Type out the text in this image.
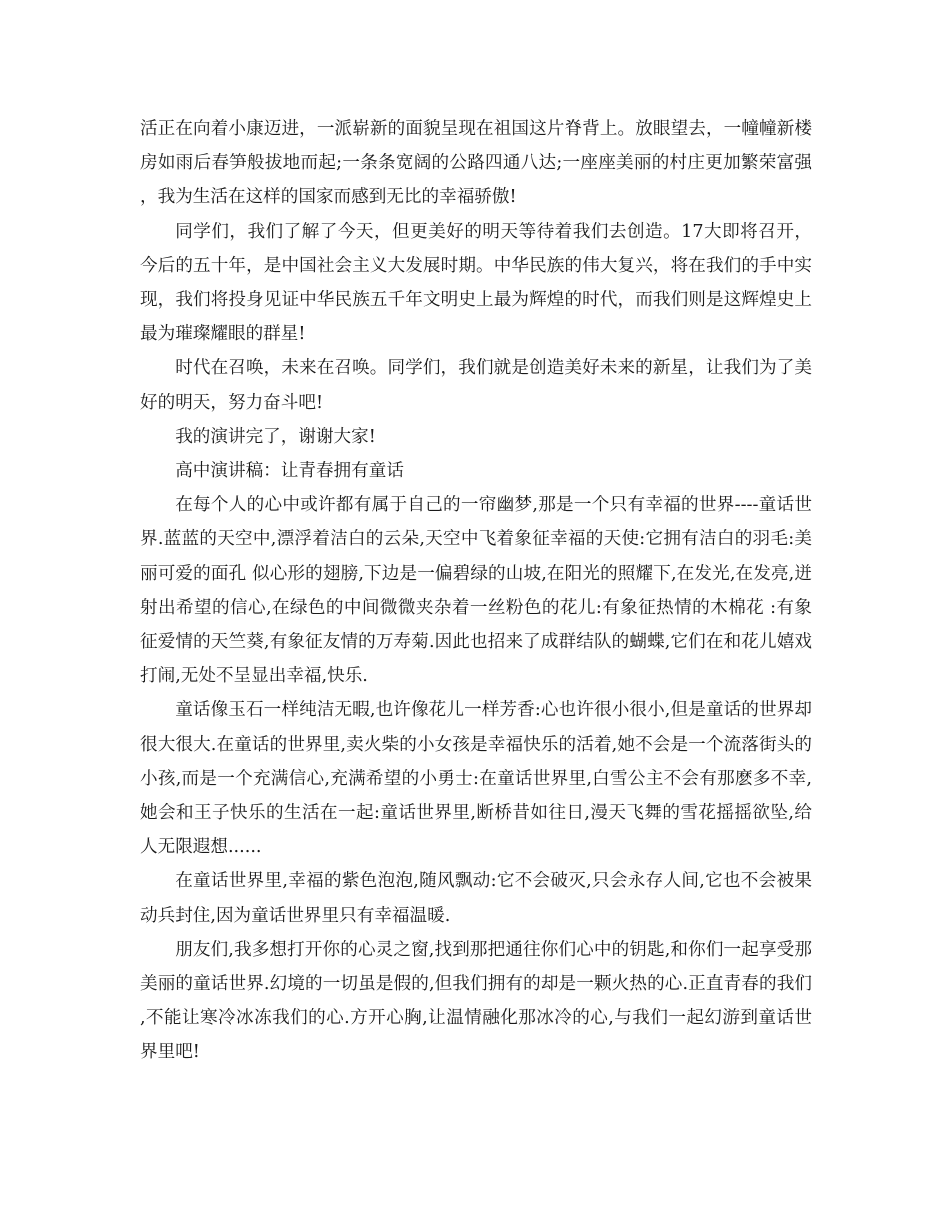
活正在向着小康迈进，一派崭新的面貌呈现在祖国这片脊背上。放眼望去，一幢幢新楼房如雨后春笋般拔地而起;一条条宽阔的公路四通八达;一座座美丽的村庄更加繁荣富强，我为生活在这样的国家而感到无比的幸福骄傲!

同学们，我们了解了今天，但更美好的明天等待着我们去创造。17大即将召开，今后的五十年，是中国社会主义大发展时期。中华民族的伟大复兴，将在我们的手中实现，我们将投身见证中华民族五千年文明史上最为辉煌的时代，而我们则是这辉煌史上最为璀璨耀眼的群星!

时代在召唤，未来在召唤。同学们，我们就是创造美好未来的新星，让我们为了美好的明天，努力奋斗吧!

我的演讲完了，谢谢大家!

高中演讲稿：让青春拥有童话

在每个人的心中或许都有属于自己的一帘幽梦,那是一个只有幸福的世界----童话世界.蓝蓝的天空中,漂浮着洁白的云朵,天空中飞着象征幸福的天使:它拥有洁白的羽毛:美丽可爱的面孔 似心形的翅膀,下边是一偏碧绿的山坡,在阳光的照耀下,在发光,在发亮,迸射出希望的信心,在绿色的中间微微夹杂着一丝粉色的花儿:有象征热情的木棉花 :有象征爱情的天竺葵,有象征友情的万寿菊.因此也招来了成群结队的蝴蝶,它们在和花儿嬉戏打闹,无处不呈显出幸福,快乐.

童话像玉石一样纯洁无暇,也许像花儿一样芳香:心也许很小很小,但是童话的世界却很大很大.在童话的世界里,卖火柴的小女孩是幸福快乐的活着,她不会是一个流落街头的小孩,而是一个充满信心,充满希望的小勇士:在童话世界里,白雪公主不会有那麽多不幸,她会和王子快乐的生活在一起:童话世界里,断桥昔如往日,漫天飞舞的雪花摇摇欲坠,给人无限遐想......

在童话世界里,幸福的紫色泡泡,随风飘动:它不会破灭,只会永存人间,它也不会被果动兵封住,因为童话世界里只有幸福温暖.

朋友们,我多想打开你的心灵之窗,找到那把通往你们心中的钥匙,和你们一起享受那美丽的童话世界.幻境的一切虽是假的,但我们拥有的却是一颗火热的心.正直青春的我们,不能让寒冷冰冻我们的心.方开心胸,让温情融化那冰冷的心,与我们一起幻游到童话世界里吧!
